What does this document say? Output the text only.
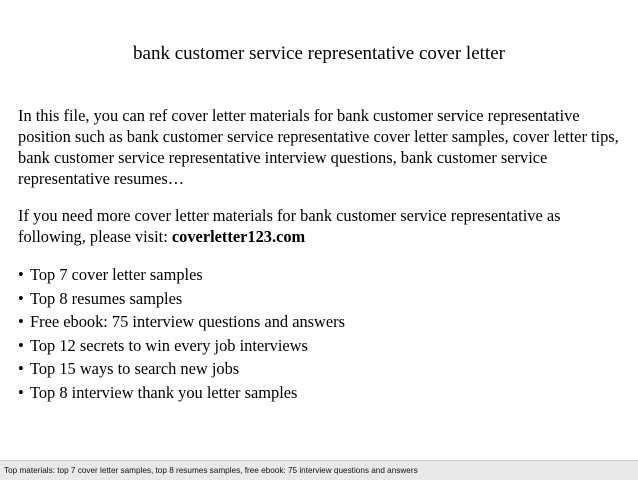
bank customer service representative cover letter

In this file, you can ref cover letter materials for bank customer service representative position such as bank customer service representative cover letter samples, cover letter tips, bank customer service representative interview questions, bank customer service representative resumes…

If you need more cover letter materials for bank customer service representative as following, please visit: coverletter123.com

• Top 7 cover letter samples
• Top 8 resumes samples
• Free ebook: 75 interview questions and answers
• Top 12 secrets to win every job interviews
• Top 15 ways to search new jobs
• Top 8 interview thank you letter samples
Top materials: top 7 cover letter samples, top 8 resumes samples, free ebook: 75 interview questions and answers
